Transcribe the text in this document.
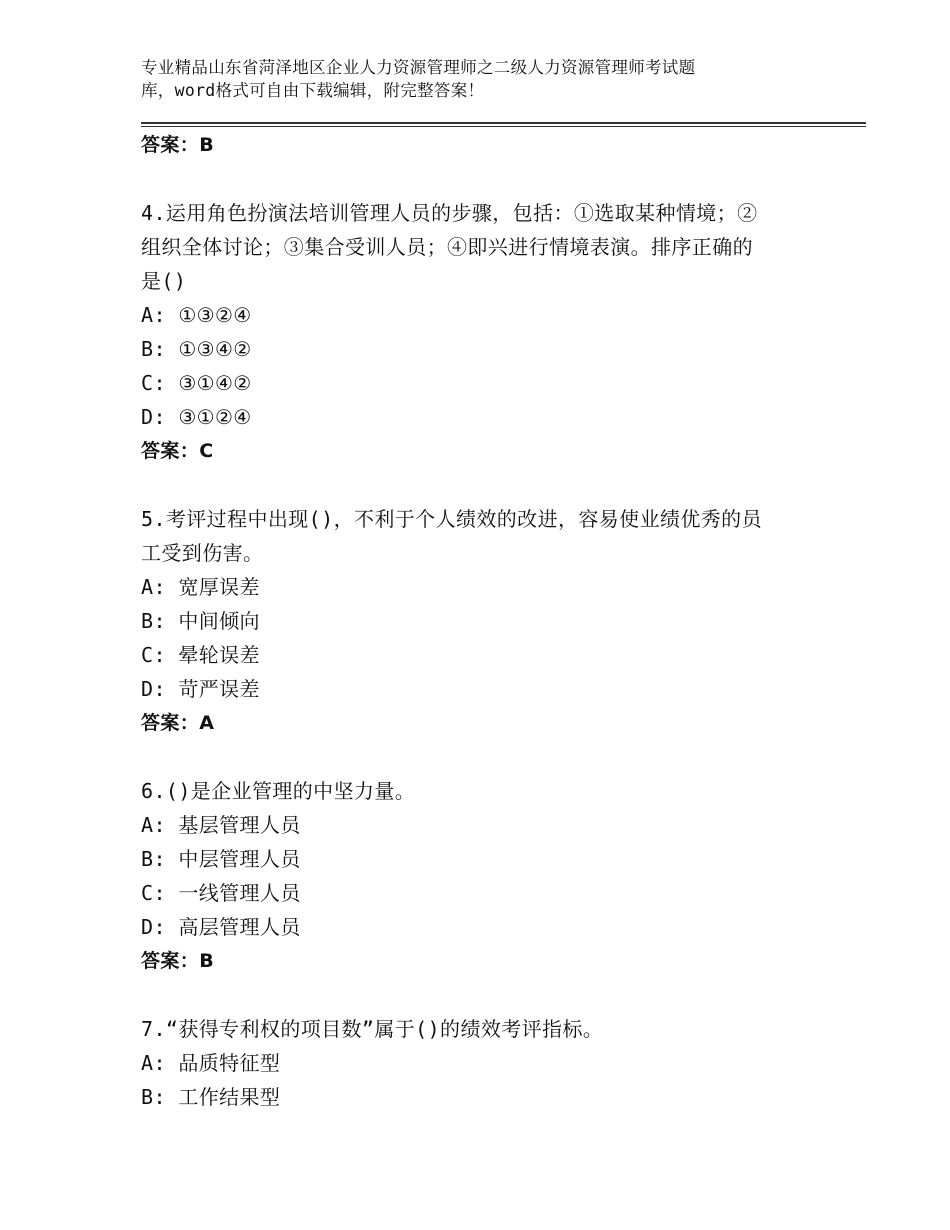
专业精品山东省菏泽地区企业人力资源管理师之二级人力资源管理师考试题
库，word格式可自由下载编辑，附完整答案！
答案：B
4.运用角色扮演法培训管理人员的步骤，包括：①选取某种情境；②
组织全体讨论；③集合受训人员；④即兴进行情境表演。排序正确的
是()
A: ①③②④
B: ①③④②
C: ③①④②
D: ③①②④
答案：C
5.考评过程中出现()，不利于个人绩效的改进，容易使业绩优秀的员
工受到伤害。
A: 宽厚误差
B: 中间倾向
C: 晕轮误差
D: 苛严误差
答案：A
6.()是企业管理的中坚力量。
A: 基层管理人员
B: 中层管理人员
C: 一线管理人员
D: 高层管理人员
答案：B
7.“获得专利权的项目数”属于()的绩效考评指标。
A: 品质特征型
B: 工作结果型
